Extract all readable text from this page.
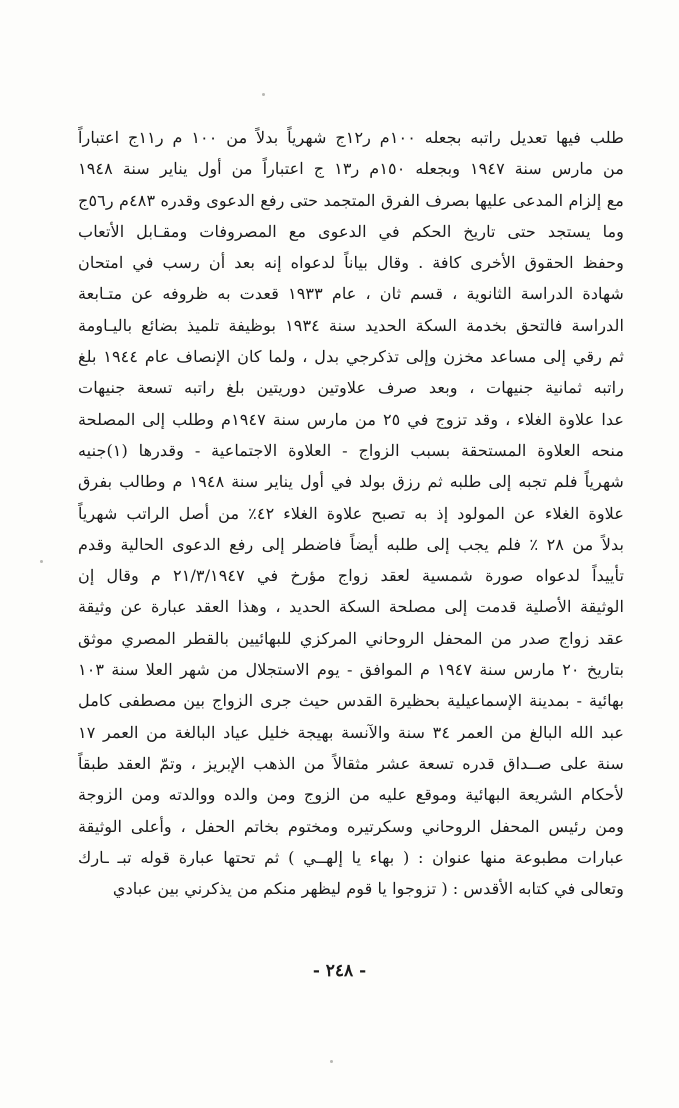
طلب فيها تعديل راتبه بجعله ١٠٠م ر١٢ج شهرياً بدلاً من ١٠٠ م ر١١ج اعتباراً
من مارس سنة ١٩٤٧ وبجعله ١٥٠م ر١٣ ج اعتباراً من أول يناير سنة ١٩٤٨
مع إلزام المدعى عليها بصرف الفرق المتجمد حتى رفع الدعوى وقدره ٤٨٣م ر٥٦ج
وما يستجد حتى تاريخ الحكم في الدعوى مع المصروفات ومقـابل الأتعاب
وحفظ الحقوق الأخرى كافة . وقال بياناً لدعواه إنه بعد أن رسب في امتحان
شهادة الدراسة الثانوية ، قسم ثان ، عام ١٩٣٣ قعدت به ظروفه عن متـابعة
الدراسة فالتحق بخدمة السكة الحديد سنة ١٩٣٤ بوظيفة تلميذ بضائع باليـاومة
ثم رقي إلى مساعد مخزن وإلى تذكرجي بدل ، ولما كان الإنصاف عام ١٩٤٤ بلغ
راتبه ثمانية جنيهات ، وبعد صرف علاوتين دوريتين بلغ راتبه تسعة جنيهات
عدا علاوة الغلاء ، وقد تزوج في ٢٥ من مارس سنة ١٩٤٧م وطلب إلى المصلحة
منحه العلاوة المستحقة بسبب الزواج - العلاوة الاجتماعية - وقدرها (١)جنيه
شهرياً فلم تجبه إلى طلبه ثم رزق بولد في أول يناير سنة ١٩٤٨ م وطالب بفرق
علاوة الغلاء عن المولود إذ به تصبح علاوة الغلاء ٤٢٪ من أصل الراتب شهرياً
بدلاً من ٢٨ ٪ فلم يجب إلى طلبه أيضاً فاضطر إلى رفع الدعوى الحالية وقدم
تأييداً لدعواه صورة شمسية لعقد زواج مؤرخ في ٢١/٣/١٩٤٧ م وقال إن
الوثيقة الأصلية قدمت إلى مصلحة السكة الحديد ، وهذا العقد عبارة عن وثيقة
عقد زواج صدر من المحفل الروحاني المركزي للبهائيين بالقطر المصري موثق
بتاريخ ٢٠ مارس سنة ١٩٤٧ م الموافق - يوم الاستجلال من شهر العلا سنة ١٠٣
بهائية - بمدينة الإسماعيلية بحظيرة القدس حيث جرى الزواج بين مصطفى كامل
عبد الله البالغ من العمر ٣٤ سنة والآنسة بهيجة خليل عياد البالغة من العمر ١٧
سنة على صــداق قدره تسعة عشر مثقالاً من الذهب الإبريز ، وتمّ العقد طبقاً
لأحكام الشريعة البهائية وموقع عليه من الزوج ومن والده ووالدته ومن الزوجة
ومن رئيس المحفل الروحاني وسكرتيره ومختوم بخاتم الحفل ، وأعلى الوثيقة
عبارات مطبوعة منها عنوان : ( بهاء يا إلهــي ) ثم تحتها عبارة قوله تبـ ـارك
وتعالى في كتابه الأقدس : ( تزوجوا يا قوم ليظهر منكم من يذكرني بين عبادي
- ٢٤٨ -
